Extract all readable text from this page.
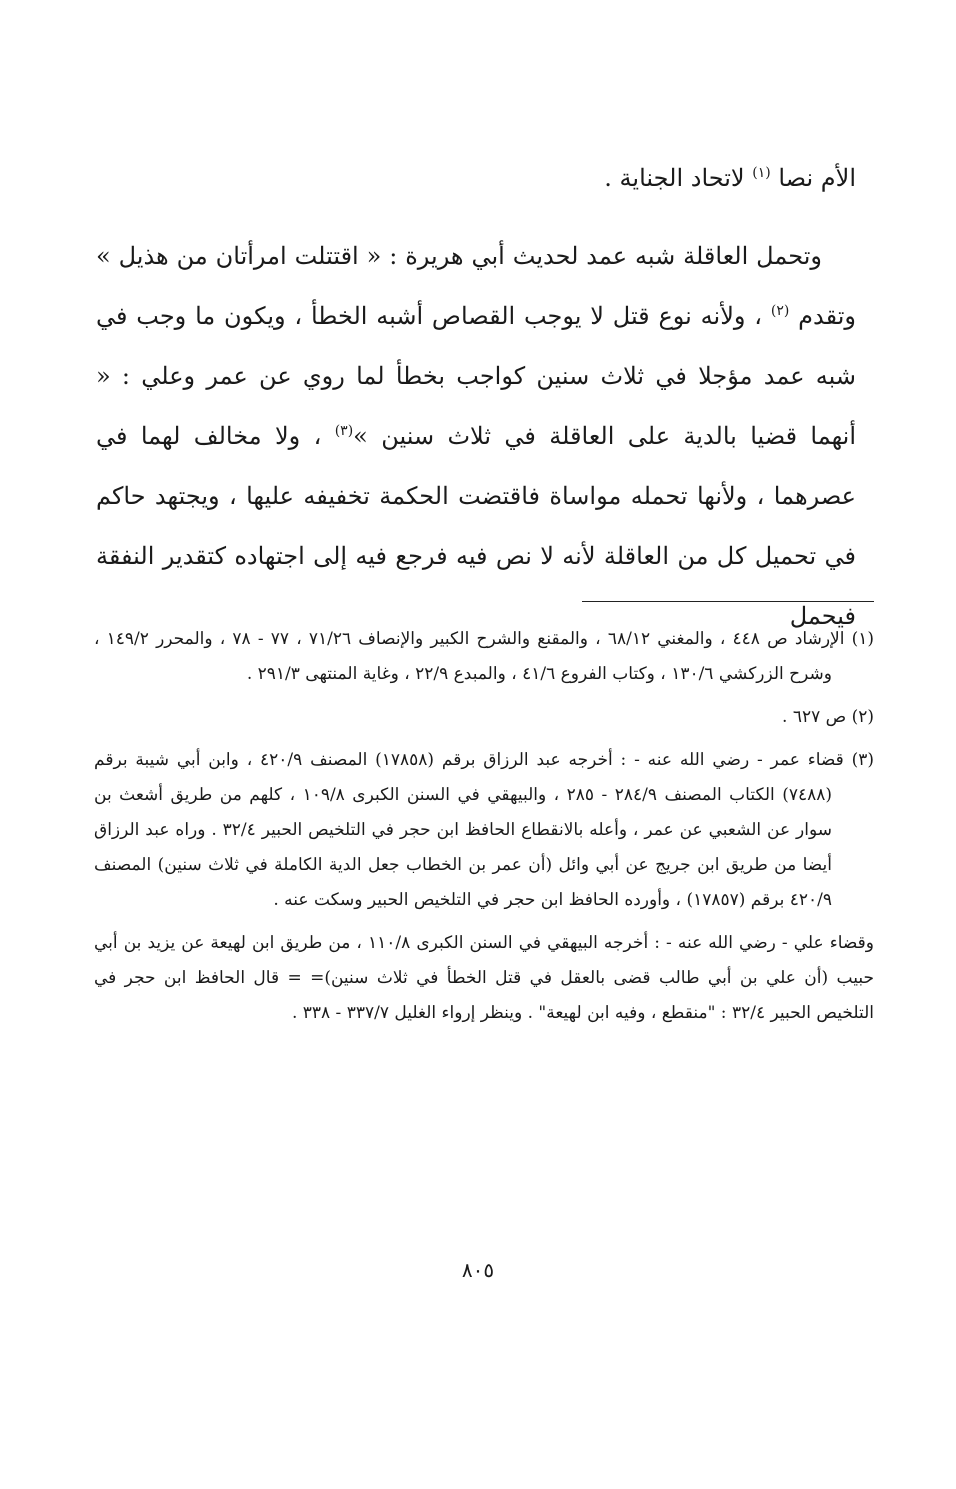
الأم نصا $^{(١)}$ لاتحاد الجناية .

وتحمل العاقلة شبه عمد لحديث أبي هريرة : « اقتتلت امرأتان من هذيل » وتقدم $^{(٢)}$ ، ولأنه نوع قتل لا يوجب القصاص أشبه الخطأ ، ويكون ما وجب في شبه عمد مؤجلا في ثلاث سنين كواجب بخطأ لما روي عن عمر وعلي : « أنهما قضيا بالدية على العاقلة في ثلاث سنين »$^{(٣)}$ ، ولا مخالف لهما في عصرهما ، ولأنها تحمله مواساة فاقتضت الحكمة تخفيفه عليها ، ويجتهد حاكم في تحميل كل من العاقلة لأنه لا نص فيه فرجع فيه إلى اجتهاده كتقدير النفقة فيحمل

(١) الإرشاد ص ٤٤٨ ، والمغني ٦٨/١٢ ، والمقنع والشرح الكبير والإنصاف ٧١/٢٦ ، ٧٧ - ٧٨ ، والمحرر ١٤٩/٢ ، وشرح الزركشي ١٣٠/٦ ، وكتاب الفروع ٤١/٦ ، والمبدع ٢٢/٩ ، وغاية المنتهى ٢٩١/٣ .

(٢) ص ٦٢٧ .

(٣) قضاء عمر - رضي الله عنه - : أخرجه عبد الرزاق برقم (١٧٨٥٨) المصنف ٤٢٠/٩ ، وابن أبي شيبة برقم (٧٤٨٨) الكتاب المصنف ٢٨٤/٩ - ٢٨٥ ، والبيهقي في السنن الكبرى ١٠٩/٨ ، كلهم من طريق أشعث بن سوار عن الشعبي عن عمر ، وأعله بالانقطاع الحافظ ابن حجر في التلخيص الحبير ٣٢/٤ . وراه عبد الرزاق أيضا من طريق ابن جريج عن أبي وائل (أن عمر بن الخطاب جعل الدية الكاملة في ثلاث سنين) المصنف ٤٢٠/٩ برقم (١٧٨٥٧) ، وأورده الحافظ ابن حجر في التلخيص الحبير وسكت عنه .

وقضاء علي - رضي الله عنه - : أخرجه البيهقي في السنن الكبرى ١١٠/٨ ، من طريق ابن لهيعة عن يزيد بن أبي حبيب (أن علي بن أبي طالب قضى بالعقل في قتل الخطأ في ثلاث سنين)= = قال الحافظ ابن حجر في التلخيص الحبير ٣٢/٤ : "منقطع ، وفيه ابن لهيعة" . وينظر إرواء الغليل ٣٣٧/٧ - ٣٣٨ .

٨٠٥
